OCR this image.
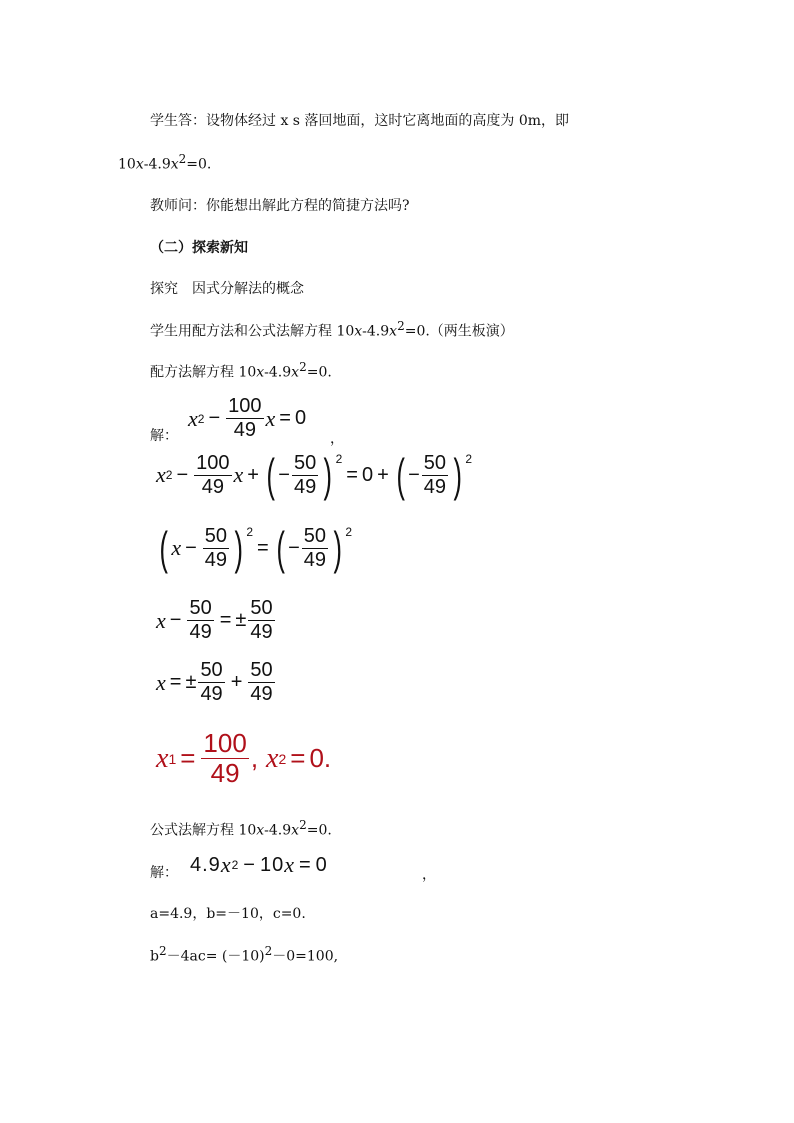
学生答：设物体经过 x s 落回地面，这时它离地面的高度为 0m，即
$10x-4.9x^2=0$.
教师问：你能想出解此方程的简捷方法吗?
（二）探索新知
探究　因式分解法的概念
学生用配方法和公式法解方程 $10x-4.9x^2=0$.（两生板演）
配方法解方程 $10x-4.9x^2=0$.
解：
x $2 - \frac{100}{49}$ x = 0
，
x $2 - \frac{100}{49}$ x + ( − $\frac{50}{49}$ ) $^2$
= 0 + ( − $\frac{50}{49}$ ) $^2$
( $x - \frac{50}{49}$ ) $^2$
= ( − $\frac{50}{49}$ ) $^2$
$x - \frac{50}{49}$ = ± $\frac{50}{49}$
x = ± $\frac{50}{49} + \frac{50}{49}$
x $1 = \frac{100}{49}$ , x 2 = 0.
公式法解方程 $10x-4.9x^2=0$.
解： 4.9 x 2 − 10 x = 0	，
a=4.9，b=－10，c=0.
$b^2-4ac= (-10)^2-0=100$,
